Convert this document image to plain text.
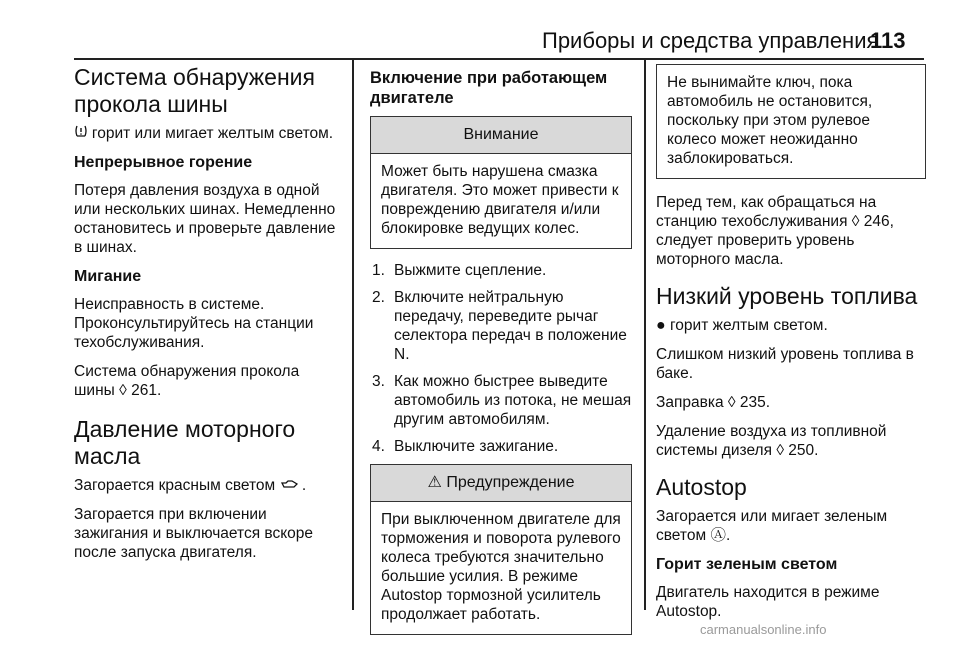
Приборы и средства управления
113
Система обнаружения прокола шины

горит или мигает желтым светом.

Непрерывное горение

Потеря давления воздуха в одной или нескольких шинах. Немедленно остановитесь и проверьте давление в шинах.

Мигание

Неисправность в системе. Проконсультируйтесь на станции техобслуживания.

Система обнаружения прокола шины ◊ 261.

Давление моторного масла

Загорается красным светом .

Загорается при включении зажигания и выключается вскоре после запуска двигателя.

Включение при работающем двигателе
Внимание
Может быть нарушена смазка двигателя. Это может привести к повреждению двигателя и/или блокировке ведущих колес.
1. Выжмите сцепление.
2. Включите нейтральную передачу, переведите рычаг селектора передач в положение N.
3. Как можно быстрее выведите автомобиль из потока, не мешая другим автомобилям.
4. Выключите зажигание.
⚠ Предупреждение
При выключенном двигателе для торможения и поворота рулевого колеса требуются значительно большие усилия. В режиме Autostop тормозной усилитель продолжает работать.
Не вынимайте ключ, пока автомобиль не остановится, поскольку при этом рулевое колесо может неожиданно заблокироваться.

Перед тем, как обращаться на станцию техобслуживания ◊ 246, следует проверить уровень моторного масла.

Низкий уровень топлива

● горит желтым светом.

Слишком низкий уровень топлива в баке.

Заправка ◊ 235.

Удаление воздуха из топливной системы дизеля ◊ 250.

Autostop

Загорается или мигает зеленым светом Ⓐ.

Горит зеленым светом

Двигатель находится в режиме Autostop.

carmanualsonline.info
